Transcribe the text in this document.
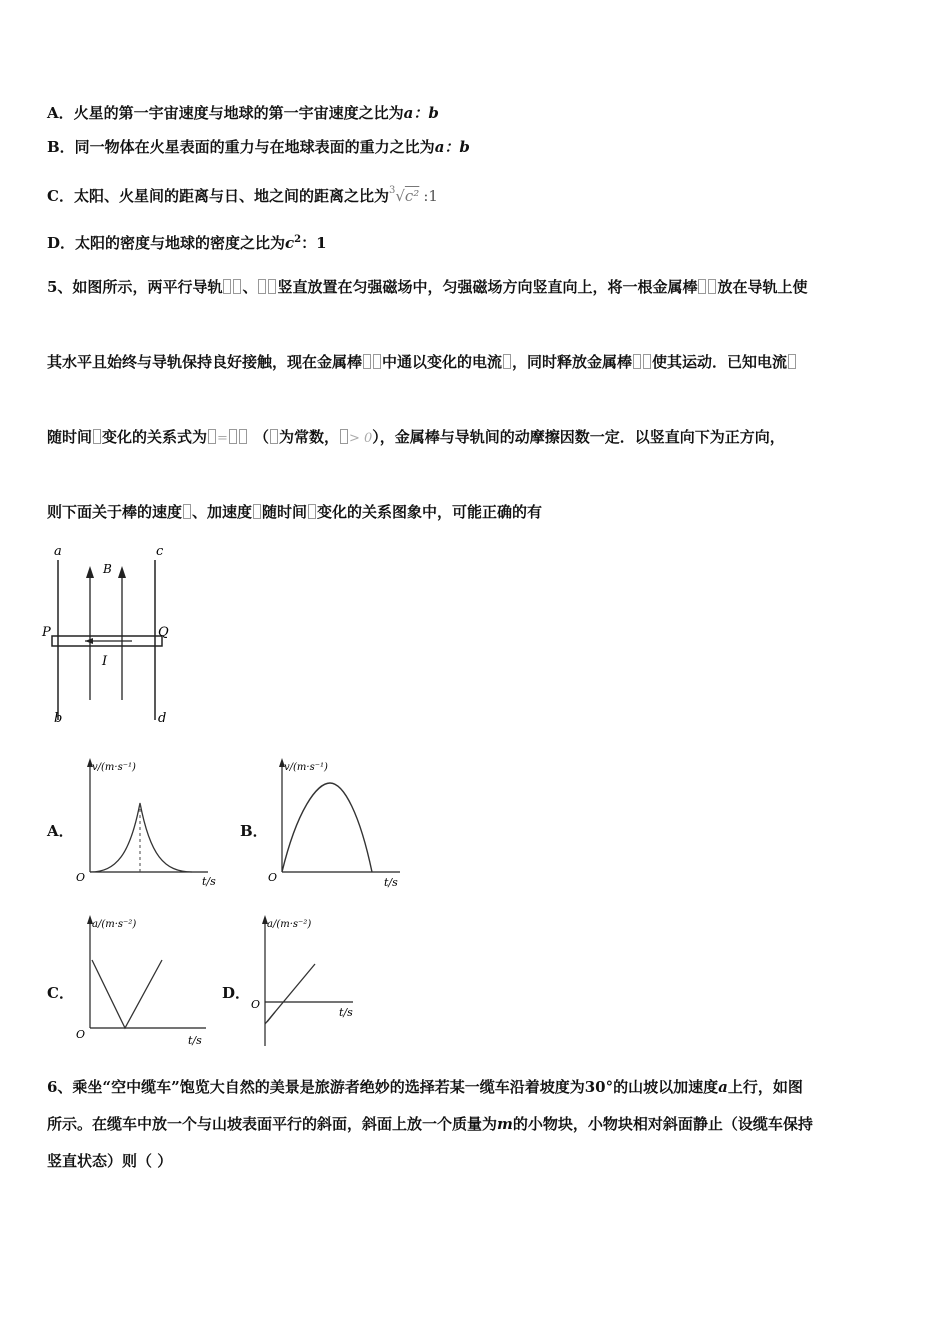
A．火星的第一宇宙速度与地球的第一宇宙速度之比为a：b
B．同一物体在火星表面的重力与在地球表面的重力之比为a：b
C．太阳、火星间的距离与日、地之间的距离之比为$^3$√c² :1
D．太阳的密度与地球的密度之比为$c^2$：1
5、如图所示，两平行导轨 、 竖直放置在匀强磁场中，匀强磁场方向竖直向上，将一根金属棒 放在导轨上使
其水平且始终与导轨保持良好接触，现在金属棒 中通以变化的电流 ，同时释放金属棒 使其运动．已知电流
随时间 变化的关系式为 = （ 为常数， > 0），金属棒与导轨间的动摩擦因数一定．以竖直向下为正方向，
则下面关于棒的速度 、加速度 随时间 变化的关系图象中，可能正确的有
a	c
b	d
P	Q
B
I
A．
v/(m·s⁻¹)
t/s
O
B．
v/(m·s⁻¹)
t/s
O
C．
a/(m·s⁻²)
t/s
O
D．
a/(m·s⁻²)
t/s
O
6、乘坐“空中缆车”饱览大自然的美景是旅游者绝妙的选择若某一缆车沿着坡度为30°的山坡以加速度a上行，如图
所示。在缆车中放一个与山坡表面平行的斜面，斜面上放一个质量为m的小物块，小物块相对斜面静止（设缆车保持
竖直状态）则（ ）
